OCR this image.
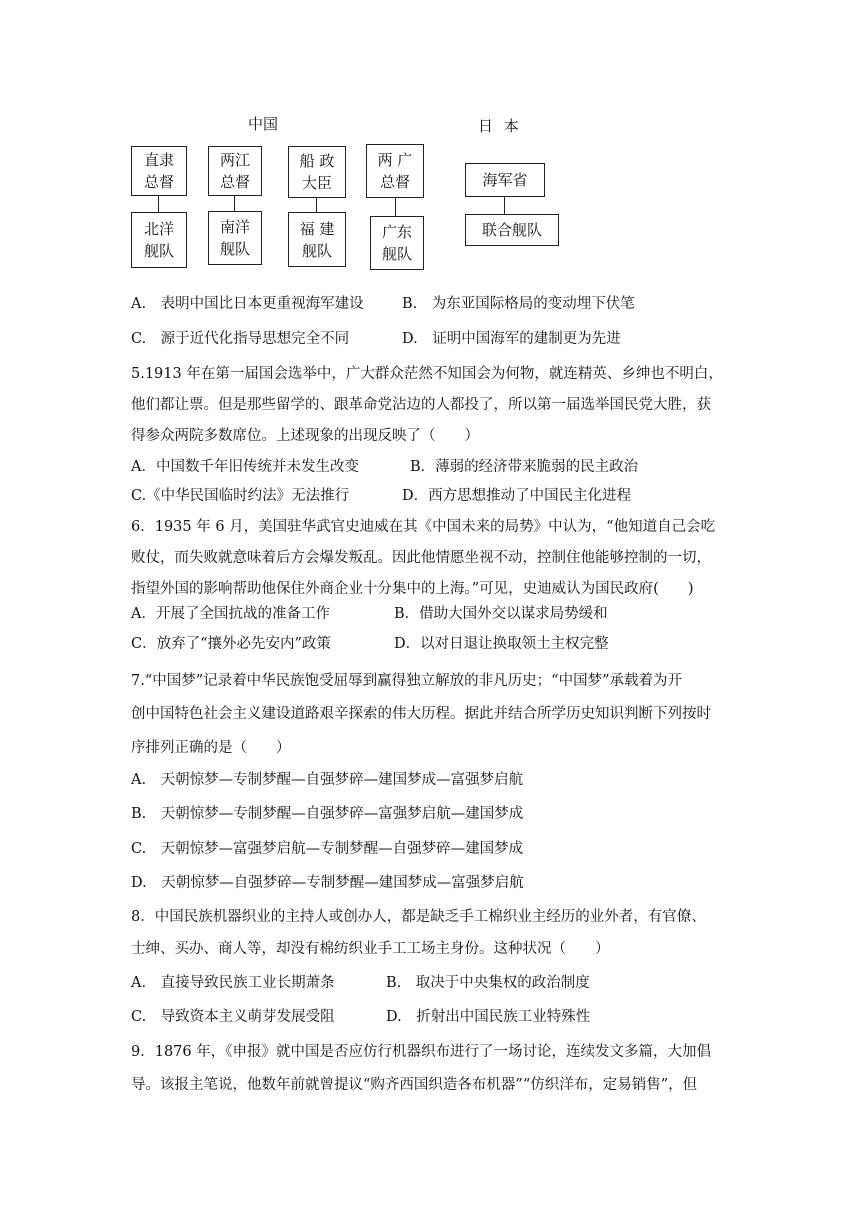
中国	日 本
直隶
总督
北洋
舰队
两江
总督
南洋
舰队
船 政
大臣
福 建
舰队
两 广
总督
广东
舰队
海军省
联合舰队
A.　表明中国比日本更重视海军建设	B.　为东亚国际格局的变动埋下伏笔
C.　源于近代化指导思想完全不同	D.　证明中国海军的建制更为先进
5.1913 年在第一届国会选举中，广大群众茫然不知国会为何物，就连精英、乡绅也不明白，
他们都让票。但是那些留学的、跟革命党沾边的人都投了，所以第一届选举国民党大胜，获
得参众两院多数席位。上述现象的出现反映了（　　）
A．中国数千年旧传统并未发生改变	B．薄弱的经济带来脆弱的民主政治
C.《中华民国临时约法》无法推行	D．西方思想推动了中国民主化进程
6．1935 年 6 月，美国驻华武官史迪威在其《中国未来的局势》中认为，“他知道自己会吃
败仗，而失败就意味着后方会爆发叛乱。因此他情愿坐视不动，控制住他能够控制的一切，
指望外国的影响帮助他保住外商企业十分集中的上海。”可见，史迪威认为国民政府(　　)
A．开展了全国抗战的准备工作	B．借助大国外交以谋求局势缓和
C．放弃了“攘外必先安内”政策	D．以对日退让换取领土主权完整
7.“中国梦”记录着中华民族饱受屈辱到赢得独立解放的非凡历史；“中国梦”承载着为开
创中国特色社会主义建设道路艰辛探索的伟大历程。据此并结合所学历史知识判断下列按时
序排列正确的是（　　）
A.　天朝惊梦—专制梦醒—自强梦碎—建国梦成—富强梦启航
B.　天朝惊梦—专制梦醒—自强梦碎—富强梦启航—建国梦成
C.　天朝惊梦—富强梦启航—专制梦醒—自强梦碎—建国梦成
D.　天朝惊梦—自强梦碎—专制梦醒—建国梦成—富强梦启航
8．中国民族机器织业的主持人或创办人，都是缺乏手工棉织业主经历的业外者，有官僚、
士绅、买办、商人等，却没有棉纺织业手工工场主身份。这种状况（　　）
A.　直接导致民族工业长期萧条	B.　取决于中央集权的政治制度
C.　导致资本主义萌芽发展受阻	D.　折射出中国民族工业特殊性
9．1876 年，《申报》就中国是否应仿行机器织布进行了一场讨论，连续发文多篇，大加倡
导。该报主笔说，他数年前就曾提议“购齐西国织造各布机器”“仿织洋布，定易销售”，但
